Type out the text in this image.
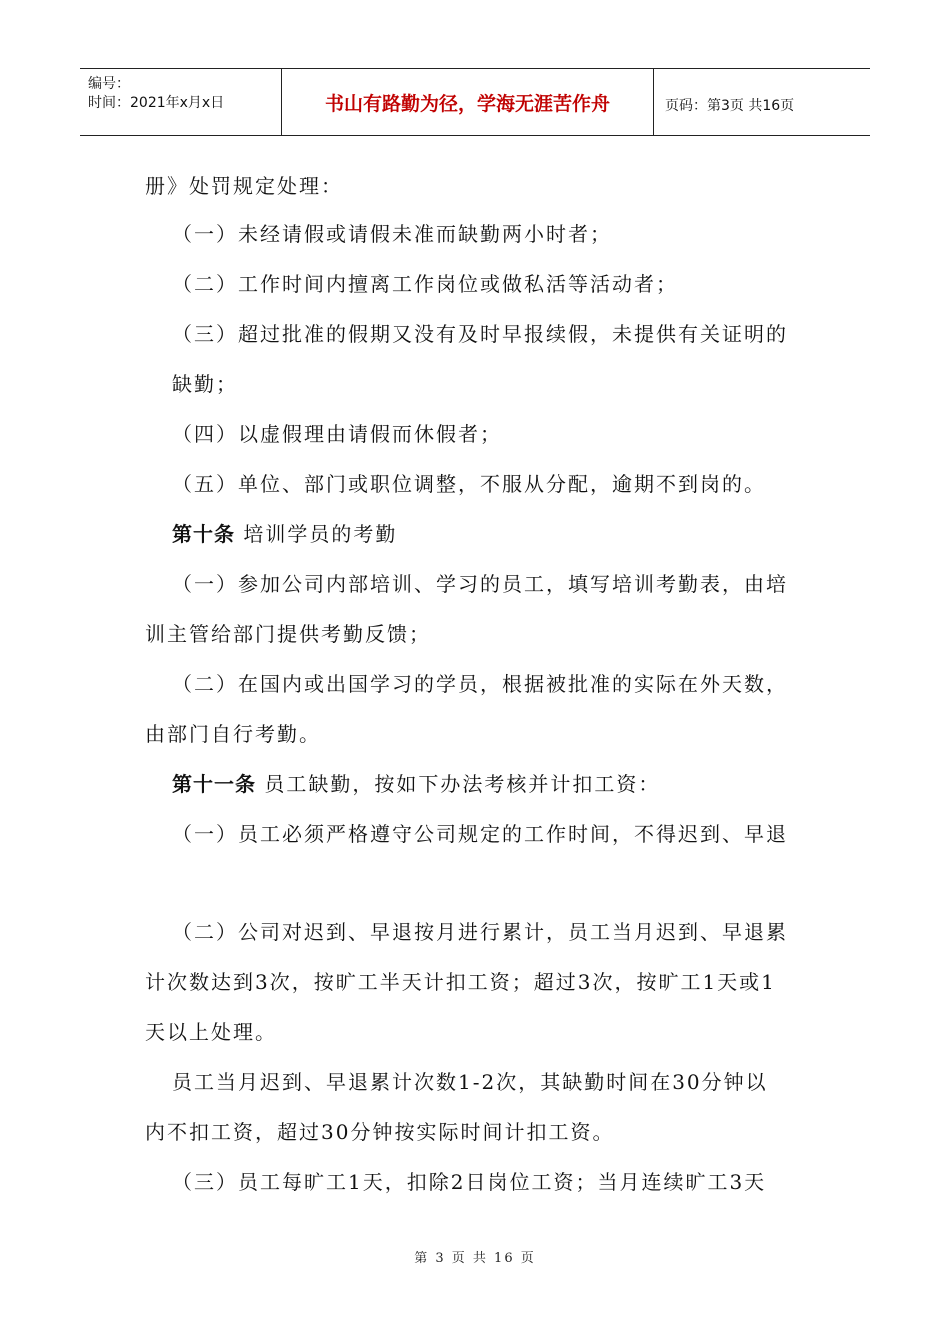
编号：
时间：2021年x月x日	书山有路勤为径，学海无涯苦作舟	页码：第3页 共16页
册》处罚规定处理：
（一）未经请假或请假未准而缺勤两小时者；
（二）工作时间内擅离工作岗位或做私活等活动者；
（三）超过批准的假期又没有及时早报续假，未提供有关证明的
缺勤；
（四）以虚假理由请假而休假者；
（五）单位、部门或职位调整，不服从分配，逾期不到岗的。
第十条 培训学员的考勤
（一）参加公司内部培训、学习的员工，填写培训考勤表，由培
训主管给部门提供考勤反馈；
（二）在国内或出国学习的学员，根据被批准的实际在外天数，
由部门自行考勤。
第十一条 员工缺勤，按如下办法考核并计扣工资：
（一）员工必须严格遵守公司规定的工作时间，不得迟到、早退
（二）公司对迟到、早退按月进行累计，员工当月迟到、早退累
计次数达到3次，按旷工半天计扣工资；超过3次，按旷工1天或1
天以上处理。
员工当月迟到、早退累计次数1-2次，其缺勤时间在30分钟以
内不扣工资，超过30分钟按实际时间计扣工资。
（三）员工每旷工1天，扣除2日岗位工资；当月连续旷工3天
第 3 页 共 16 页
